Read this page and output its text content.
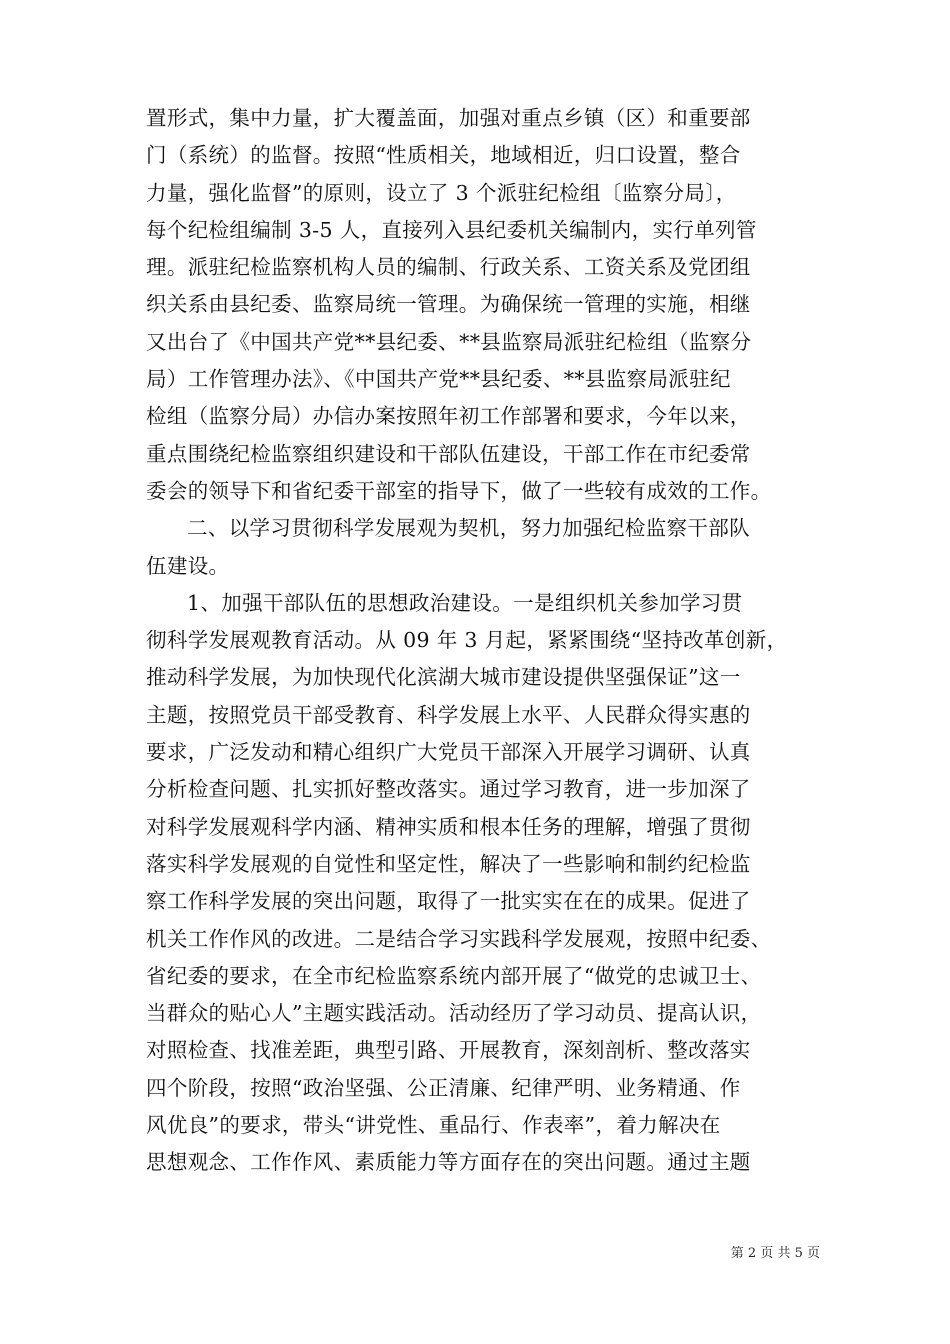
置形式，集中力量，扩大覆盖面，加强对重点乡镇（区）和重要部
门（系统）的监督。按照“性质相关，地域相近，归口设置，整合
力量，强化监督”的原则，设立了 3 个派驻纪检组〔监察分局〕，
每个纪检组编制 3-5 人，直接列入县纪委机关编制内，实行单列管
理。派驻纪检监察机构人员的编制、行政关系、工资关系及党团组
织关系由县纪委、监察局统一管理。为确保统一管理的实施，相继
又出台了《中国共产党**县纪委、**县监察局派驻纪检组（监察分
局）工作管理办法》、《中国共产党**县纪委、**县监察局派驻纪
检组（监察分局）办信办案按照年初工作部署和要求，今年以来，
重点围绕纪检监察组织建设和干部队伍建设，干部工作在市纪委常
委会的领导下和省纪委干部室的指导下，做了一些较有成效的工作。
二、以学习贯彻科学发展观为契机，努力加强纪检监察干部队
伍建设。
1、加强干部队伍的思想政治建设。一是组织机关参加学习贯
彻科学发展观教育活动。从 09 年 3 月起，紧紧围绕“坚持改革创新，
推动科学发展，为加快现代化滨湖大城市建设提供坚强保证”这一
主题，按照党员干部受教育、科学发展上水平、人民群众得实惠的
要求，广泛发动和精心组织广大党员干部深入开展学习调研、认真
分析检查问题、扎实抓好整改落实。通过学习教育，进一步加深了
对科学发展观科学内涵、精神实质和根本任务的理解，增强了贯彻
落实科学发展观的自觉性和坚定性，解决了一些影响和制约纪检监
察工作科学发展的突出问题，取得了一批实实在在的成果。促进了
机关工作作风的改进。二是结合学习实践科学发展观，按照中纪委、
省纪委的要求，在全市纪检监察系统内部开展了“做党的忠诚卫士、
当群众的贴心人”主题实践活动。活动经历了学习动员、提高认识，
对照检查、找准差距，典型引路、开展教育，深刻剖析、整改落实
四个阶段，按照“政治坚强、公正清廉、纪律严明、业务精通、作
风优良”的要求，带头“讲党性、重品行、作表率”，着力解决在
思想观念、工作作风、素质能力等方面存在的突出问题。通过主题
第 2 页 共 5 页
